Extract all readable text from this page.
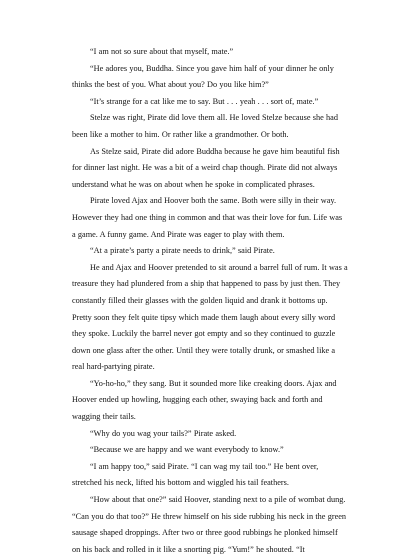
“I am not so sure about that myself, mate.”

“He adores you, Buddha. Since you gave him half of your dinner he only thinks the best of you. What about you? Do you like him?”

“It’s strange for a cat like me to say. But . . . yeah . . . sort of, mate.”

Stelze was right, Pirate did love them all. He loved Stelze because she had been like a mother to him. Or rather like a grandmother. Or both.

As Stelze said, Pirate did adore Buddha because he gave him beautiful fish for dinner last night. He was a bit of a weird chap though. Pirate did not always understand what he was on about when he spoke in complicated phrases.

Pirate loved Ajax and Hoover both the same. Both were silly in their way. However they had one thing in common and that was their love for fun. Life was a game. A funny game. And Pirate was eager to play with them.

“At a pirate’s party a pirate needs to drink,” said Pirate.

He and Ajax and Hoover pretended to sit around a barrel full of rum. It was a treasure they had plundered from a ship that happened to pass by just then. They constantly filled their glasses with the golden liquid and drank it bottoms up. Pretty soon they felt quite tipsy which made them laugh about every silly word they spoke. Luckily the barrel never got empty and so they continued to guzzle down one glass after the other. Until they were totally drunk, or smashed like a real hard-partying pirate.

“Yo-ho-ho,” they sang. But it sounded more like creaking doors. Ajax and Hoover ended up howling, hugging each other, swaying back and forth and wagging their tails.

“Why do you wag your tails?” Pirate asked.

“Because we are happy and we want everybody to know.”

“I am happy too,” said Pirate. “I can wag my tail too.” He bent over, stretched his neck, lifted his bottom and wiggled his tail feathers.

“How about that one?” said Hoover, standing next to a pile of wombat dung. “Can you do that too?” He threw himself on his side rubbing his neck in the green sausage shaped droppings. After two or three good rubbings he plonked himself on his back and rolled in it like a snorting pig. “Yum!” he shouted. “It
